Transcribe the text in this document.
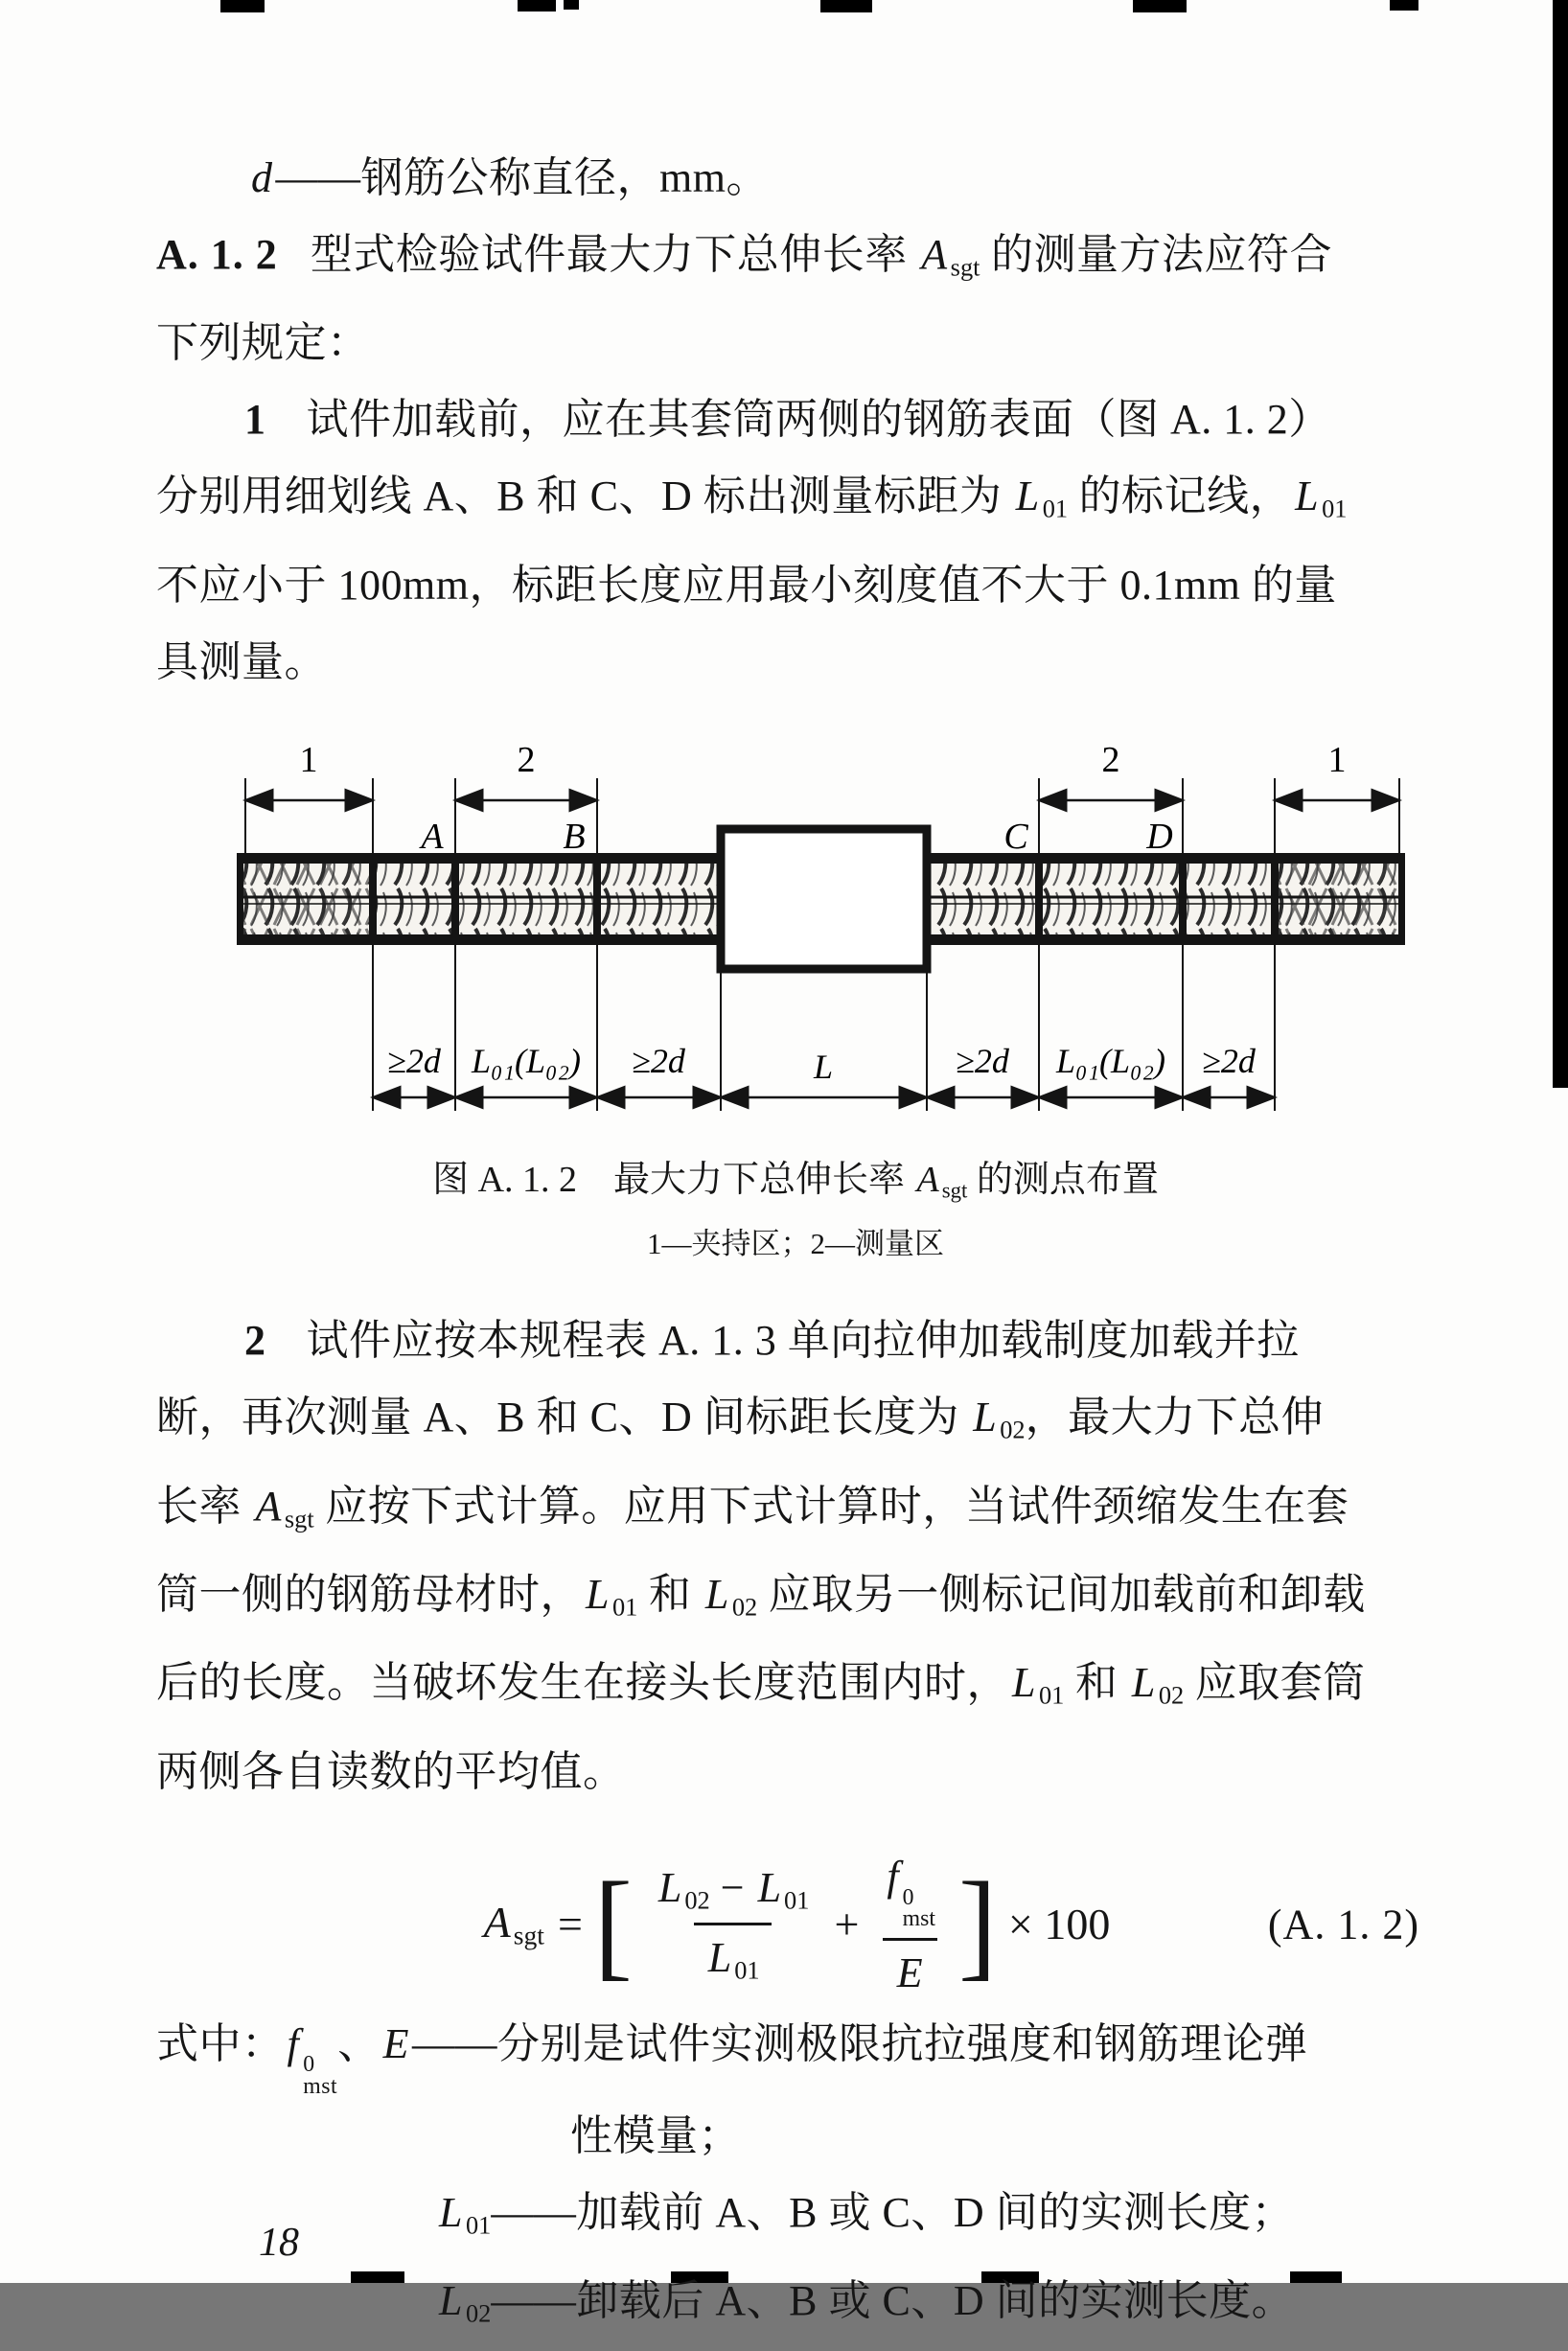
d——钢筋公称直径，mm。
A. 1. 2 型式检验试件最大力下总伸长率 A $_{sgt}$ 的测量方法应符合
下列规定：
1 试件加载前，应在其套筒两侧的钢筋表面（图 A. 1. 2）
分别用细划线 A、B 和 C、D 标出测量标距为 L $_{01}$ 的标记线，L $_{01}$
不应小于 100mm，标距长度应用最小刻度值不大于 0.1mm 的量
具测量。
1	2	2	1
A	B	C	D
≥2d L₀₁(L₀₂) ≥2d	L	≥2d L₀₁(L₀₂) ≥2d
图 A. 1. 2　最大力下总伸长率 A $_{sgt}$ 的测点布置
1—夹持区；2—测量区
2 试件应按本规程表 A. 1. 3 单向拉伸加载制度加载并拉
断，再次测量 A、B 和 C、D 间标距长度为 L $_{02}$，最大力下总伸
长率 A $_{sgt}$ 应按下式计算。应用下式计算时，当试件颈缩发生在套
筒一侧的钢筋母材时，L $_{01}$ 和 L $_{02}$ 应取另一侧标记间加载前和卸载
后的长度。当破坏发生在接头长度范围内时，L $_{01}$ 和 L $_{02}$ 应取套筒
两侧各自读数的平均值。
A $_{sgt}$ = [ $\frac{L _{02} - L _{01}}{L _{01}} + f$ 0
mst
E ] × 100	(A. 1. 2)
式中：f 0
mst
、E——分别是试件实测极限抗拉强度和钢筋理论弹
性模量；
L $_{01}$——加载前 A、B 或 C、D 间的实测长度；
L $_{02}$——卸载后 A、B 或 C、D 间的实测长度。
18
